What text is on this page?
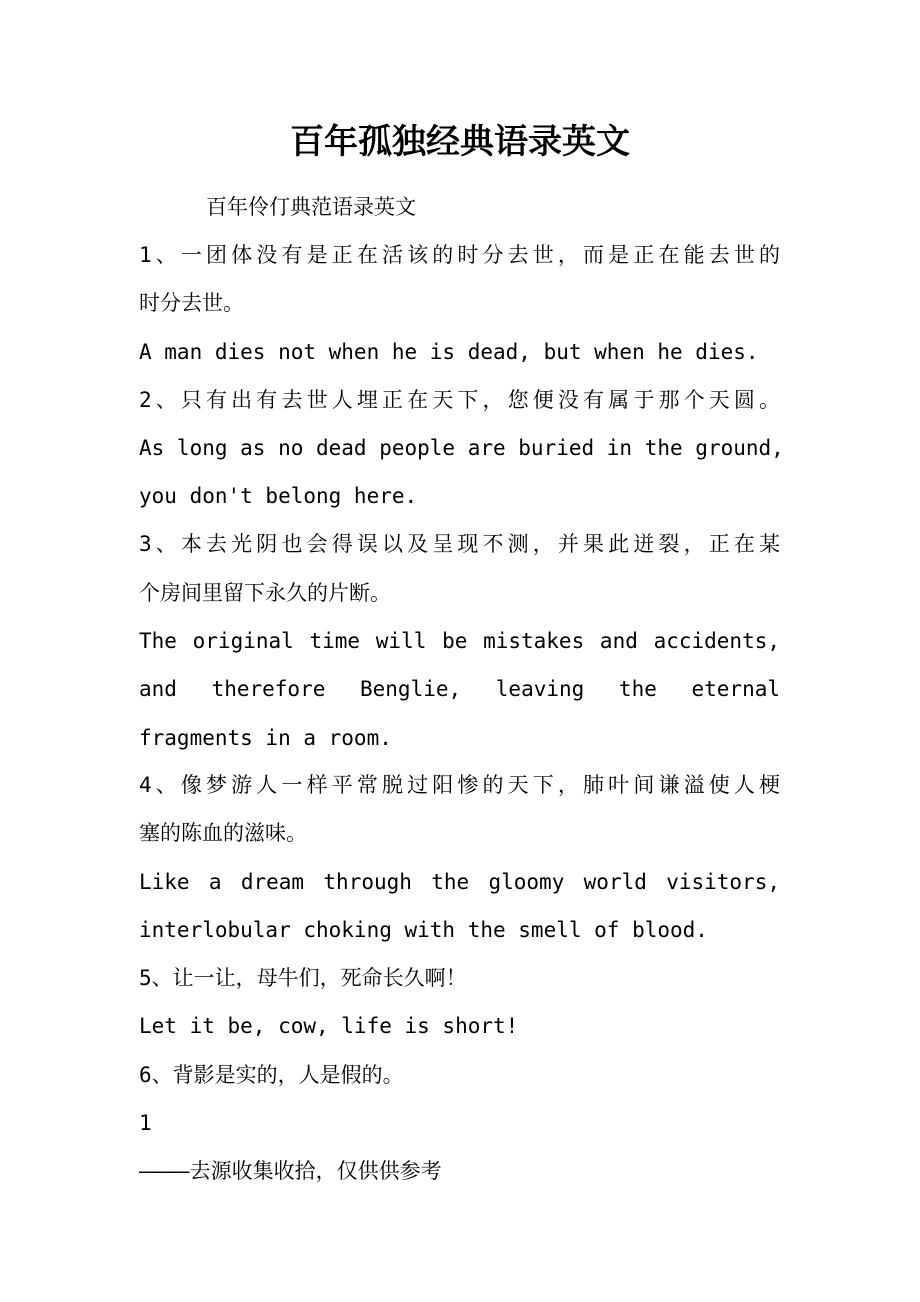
百年孤独经典语录英文
百年伶仃典范语录英文
1、一团体没有是正在活该的时分去世，而是正在能去世的
时分去世。
A man dies not when he is dead, but when he dies.
2、只有出有去世人埋正在天下，您便没有属于那个天圆。
As long as no dead people are buried in the ground,
you don't belong here.
3、本去光阴也会得误以及呈现不测，并果此迸裂，正在某
个房间里留下永久的片断。
The original time will be mistakes and accidents,
and therefore Benglie, leaving the eternal
fragments in a room.
4、像梦游人一样平常脱过阳惨的天下，肺叶间谦溢使人梗
塞的陈血的滋味。
Like a dream through the gloomy world visitors,
interlobular choking with the smell of blood.
5、让一让，母牛们，死命长久啊！
Let it be, cow, life is short!
6、背影是实的，人是假的。
1
————去源收集收拾，仅供供参考
